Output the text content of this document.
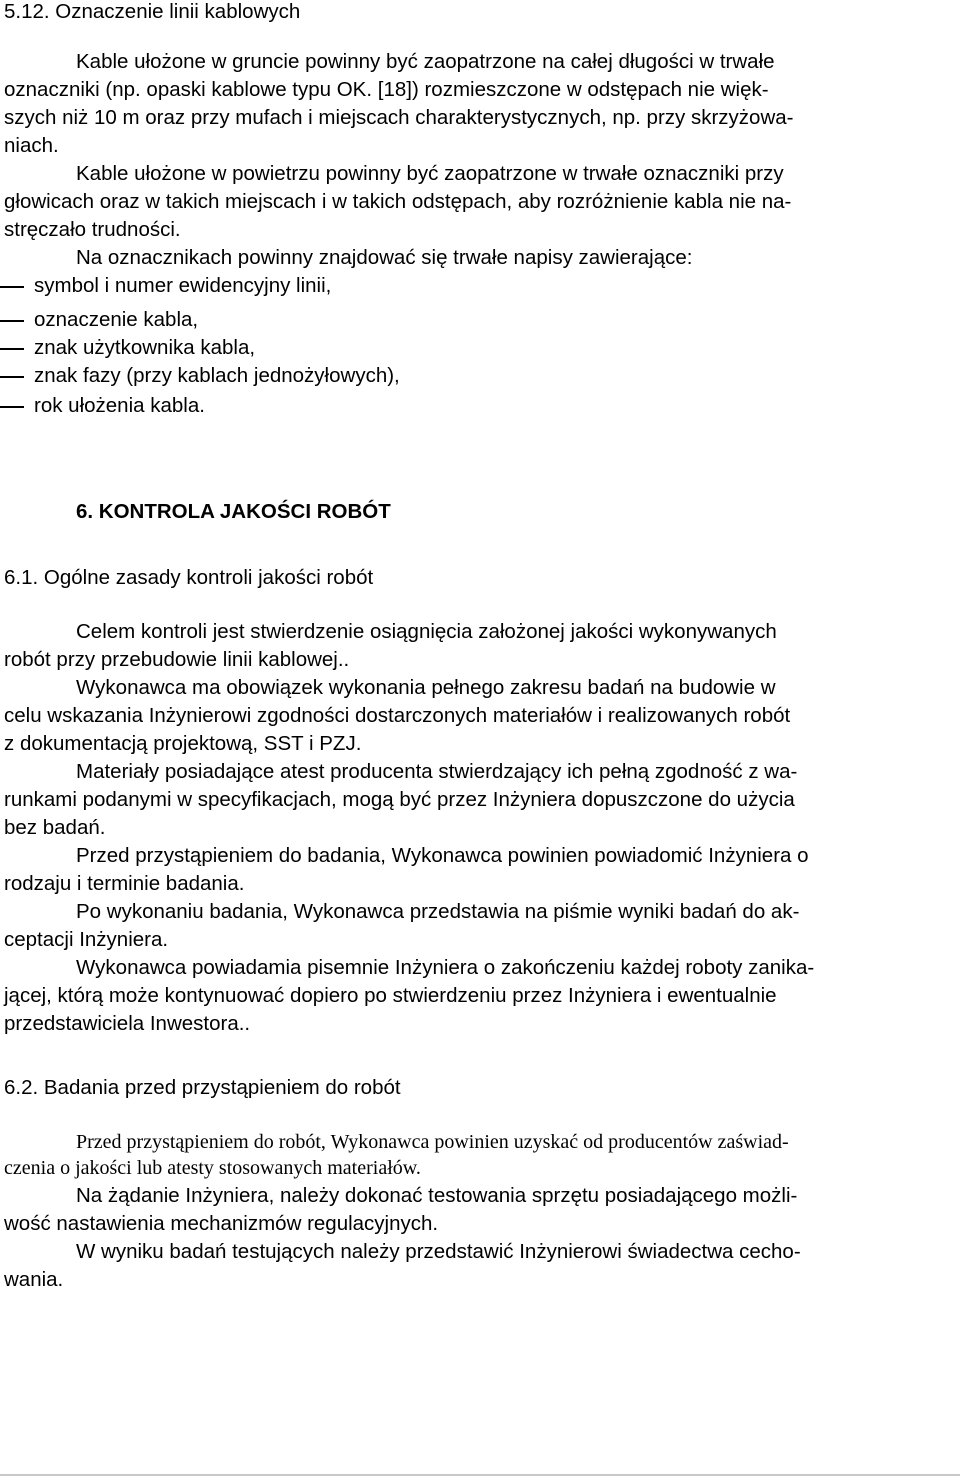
5.12. Oznaczenie linii kablowych
Kable ułożone w gruncie powinny być zaopatrzone na całej długości w trwałe
oznaczniki (np. opaski kablowe typu OK. [18]) rozmieszczone w odstępach nie więk-
szych niż 10 m oraz przy mufach i miejscach charakterystycznych, np. przy skrzyżowa-
niach.
Kable ułożone w powietrzu powinny być zaopatrzone w trwałe oznaczniki przy
głowicach oraz w takich miejscach i w takich odstępach, aby rozróżnienie kabla nie na-
stręczało trudności.
Na oznacznikach powinny znajdować się trwałe napisy zawierające:
symbol i numer ewidencyjny linii,
oznaczenie kabla,
znak użytkownika kabla,
znak fazy (przy kablach jednożyłowych),
rok ułożenia kabla.
6. KONTROLA JAKOŚCI ROBÓT
6.1. Ogólne zasady kontroli jakości robót
Celem kontroli jest stwierdzenie osiągnięcia założonej jakości wykonywanych
robót przy przebudowie linii kablowej..
Wykonawca ma obowiązek wykonania pełnego zakresu badań na budowie w
celu wskazania Inżynierowi zgodności dostarczonych materiałów i realizowanych robót
z dokumentacją projektową, SST i PZJ.
Materiały posiadające atest producenta stwierdzający ich pełną zgodność z wa-
runkami podanymi w specyfikacjach, mogą być przez Inżyniera dopuszczone do użycia
bez badań.
Przed przystąpieniem do badania, Wykonawca powinien powiadomić Inżyniera o
rodzaju i terminie badania.
Po wykonaniu badania, Wykonawca przedstawia na piśmie wyniki badań do ak-
ceptacji Inżyniera.
Wykonawca powiadamia pisemnie Inżyniera o zakończeniu każdej roboty zanika-
jącej, którą może kontynuować dopiero po stwierdzeniu przez Inżyniera i ewentualnie
przedstawiciela Inwestora..
6.2. Badania przed przystąpieniem do robót
Przed przystąpieniem do robót, Wykonawca powinien uzyskać od producentów zaświad-
czenia o jakości lub atesty stosowanych materiałów.
Na żądanie Inżyniera, należy dokonać testowania sprzętu posiadającego możli-
wość nastawienia mechanizmów regulacyjnych.
W wyniku badań testujących należy przedstawić Inżynierowi świadectwa cecho-
wania.
